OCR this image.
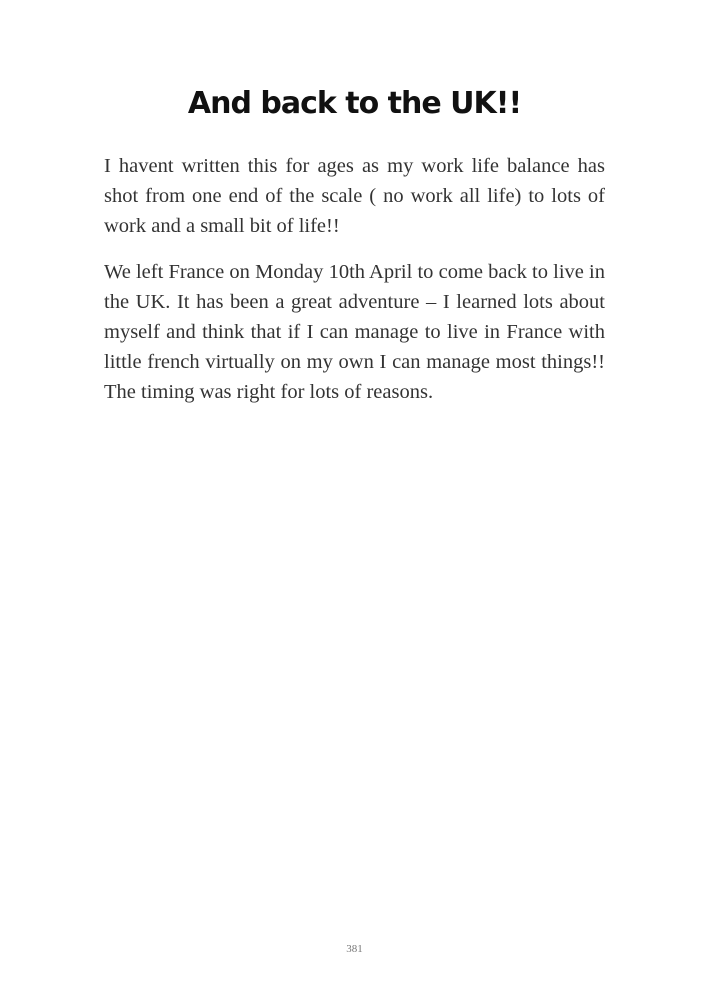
And back to the UK!!

I havent written this for ages as my work life balance has shot from one end of the scale ( no work all life) to lots of work and a small bit of life!!

We left France on Monday 10th April to come back to live in the UK. It has been a great adventure – I learned lots about myself and think that if I can manage to live in France with little french virtually on my own I can manage most things!! The timing was right for lots of reasons.

381
